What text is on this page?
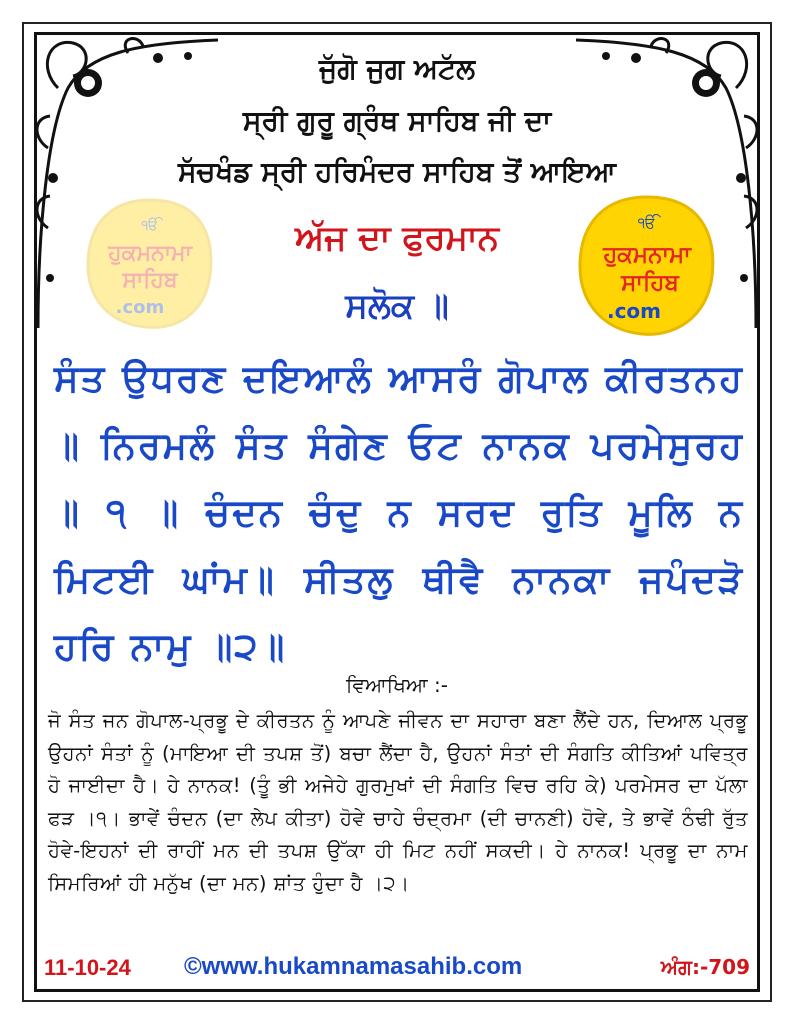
ਜੁੱਗੋ ਜੁਗ ਅਟੱਲ
ਸ੍ਰੀ ਗੁਰੂ ਗ੍ਰੰਥ ਸਾਹਿਬ ਜੀ ਦਾ
ਸੱਚਖੰਡ ਸ੍ਰੀ ਹਰਿਮੰਦਰ ਸਾਹਿਬ ਤੋਂ ਆਇਆ
ਅੱਜ ਦਾ ਫੁਰਮਾਨ
ਸਲੋਕ ॥
ੴ
ਹੁਕਮਨਾਮਾ
ਸਾਹਿਬ
.com
ੴ
ਹੁਕਮਨਾਮਾ
ਸਾਹਿਬ
.com
ਸੰਤ ਉਧਰਣ ਦਇਆਲੰ ਆਸਰੰ ਗੋਪਾਲ ਕੀਰਤਨਹ ॥ ਨਿਰਮਲੰ ਸੰਤ ਸੰਗੇਣ ਓਟ ਨਾਨਕ ਪਰਮੇਸੁਰਹ ॥ ੧ ॥ ਚੰਦਨ ਚੰਦੁ ਨ ਸਰਦ ਰੁਤਿ ਮੂਲਿ ਨ ਮਿਟਈ ਘਾਂਮ॥ ਸੀਤਲੁ ਥੀਵੈ ਨਾਨਕਾ ਜਪੰਦੜੋ ਹਰਿ ਨਾਮੁ ॥੨॥
ਵਿਆਖਿਆ :-
ਜੋ ਸੰਤ ਜਨ ਗੋਪਾਲ-ਪ੍ਰਭੂ ਦੇ ਕੀਰਤਨ ਨੂੰ ਆਪਣੇ ਜੀਵਨ ਦਾ ਸਹਾਰਾ ਬਣਾ ਲੈਂਦੇ ਹਨ, ਦਿਆਲ ਪ੍ਰਭੂ ਉਹਨਾਂ ਸੰਤਾਂ ਨੂੰ (ਮਾਇਆ ਦੀ ਤਪਸ਼ ਤੋਂ) ਬਚਾ ਲੈਂਦਾ ਹੈ, ਉਹਨਾਂ ਸੰਤਾਂ ਦੀ ਸੰਗਤਿ ਕੀਤਿਆਂ ਪਵਿਤ੍ਰ ਹੋ ਜਾਈਦਾ ਹੈ। ਹੇ ਨਾਨਕ! (ਤੂੰ ਭੀ ਅਜੇਹੇ ਗੁਰਮੁਖਾਂ ਦੀ ਸੰਗਤਿ ਵਿਚ ਰਹਿ ਕੇ) ਪਰਮੇਸਰ ਦਾ ਪੱਲਾ ਫੜ ।੧। ਭਾਵੇਂ ਚੰਦਨ (ਦਾ ਲੇਪ ਕੀਤਾ) ਹੋਵੇ ਚਾਹੇ ਚੰਦ੍ਰਮਾ (ਦੀ ਚਾਨਣੀ) ਹੋਵੇ, ਤੇ ਭਾਵੇਂ ਠੰਢੀ ਰੁੱਤ ਹੋਵੇ-ਇਹਨਾਂ ਦੀ ਰਾਹੀਂ ਮਨ ਦੀ ਤਪਸ਼ ਉੱਕਾ ਹੀ ਮਿਟ ਨਹੀਂ ਸਕਦੀ। ਹੇ ਨਾਨਕ! ਪ੍ਰਭੂ ਦਾ ਨਾਮ ਸਿਮਰਿਆਂ ਹੀ ਮਨੁੱਖ (ਦਾ ਮਨ) ਸ਼ਾਂਤ ਹੁੰਦਾ ਹੈ ।੨।
11-10-24 ©www.hukamnamasahib.com	ਅੰਗ:-709
